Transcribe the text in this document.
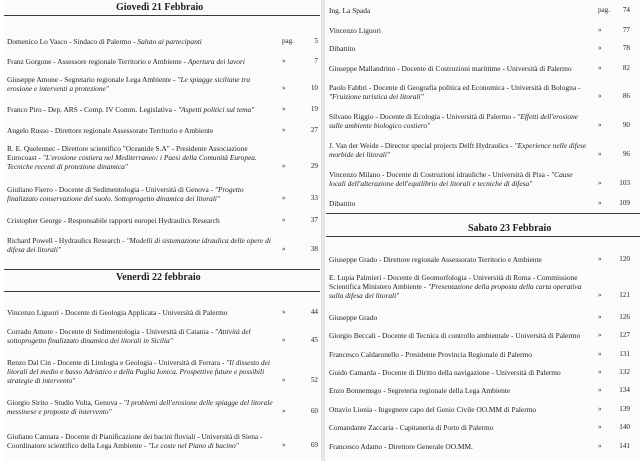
Giovedì 21 Febbraio
Venerdì 22 febbraio
Domenico Lo Vasco - Sindaco di Palermo - Saluto ai partecipanti	pag.	5
Franz Gorgone - Assessore regionale Territorio e Ambiente - Apertura dei lavori	»	7
Giuseppe Amone - Segretario regionale Lega Ambiente - "Le spiagge siciliane tra erosione e interventi a protezione"	»	10
Franco Piro - Dep. ARS - Comp. IV Comm. Legislativa - "Aspetti politici sul tema"	»	19
Angelo Russo - Direttore regionale Assessorato Territorio e Ambiente	»	27
R. E. Quelennec - Direttore scientifico "Oceanide S.A" - Presidente Associazione Eurocoast - "L'erosione costiera nel Mediterraneo: i Paesi della Comunità Europea. Tecniche recenti di protezione dinamica"	»	29
Giuliano Fierro - Docente di Sedimentologia - Università di Genova - "Progetto finalizzato conservazione del suolo. Sottoprogetto dinamica dei litorali"	»	33
Cristopher George - Responsabile rapporti europei Hydraulics Research	»	37
Richard Powell - Hydraulics Research - "Modelli di sistemazione idraulica delle opere di difesa dei litorali"	»	38
Vincenzo Liguori - Docente di Geologia Applicata - Università di Palermo	»	44
Corrado Amore - Docente di Sedimentologia - Università di Catania - "Attività del sottoprogetto finalizzato dinamica dei litorali in Sicilia"	»	45
Renzo Dal Cin - Docente di Litologia e Geologia - Università di Ferrara - "Il dissesto dei litorali del medio e basso Adriatico e della Puglia Ionica. Prospettive future e possibili strategie di intervento"	»	52
Giorgio Sirito - Studio Volta, Genova - "I problemi dell'erosione delle spiagge del litorale messinese e proposte di intervento"	»	60
Giuliano Cannata - Docente di Pianificazione dei bacini fluviali - Università di Siena - Coordinatore scientifico della Lega Ambiente - "Le coste nel Piano di bacino"	»	69
Sabato 23 Febbraio
Ing. La Spada	pag.	74
Vincenzo Liguori	»	77
Dibattito	»	78
Giuseppe Mallandrino - Docente di Costruzioni marittime - Università di Palermo	»	82
Paolo Fabbri - Docente di Geografia politica ed Economica - Università di Bologna - "Fruizione turistica dei litorali"	»	86
Silvano Riggio - Docente di Ecologia - Università di Palermo - "Effetti dell'erosione sulle ambiente biologico costiero"	»	90
J. Van der Weide - Director special projects Delft Hydraulics - "Experience nelle difese morbide dei litorali"	»	96
Vincenzo Milano - Docente di Costruzioni idrauliche - Università di Pisa - "Cause locali dell'alterazione dell'equilibrio dei litorali e tecniche di difesa"	»	103
Dibattito	»	109
Giuseppe Grado - Direttore regionale Assessorato Territorio e Ambiente	»	120
E. Lupia Palmieri - Docente di Geomorfologia - Università di Roma - Commissione Scientifica Ministero Ambiente - "Presentazione della proposta della carta operativa sulla difesa dei litorali"	»	121
Giuseppe Grado	»	126
Giorgio Beccali - Docente di Tecnica di controllo ambientale - Università di Palermo	»	127
Francesco Caldaronello - Presidente Provincia Regionale di Palermo	»	131
Guido Camarda - Docente di Diritto della navigazione - Università di Palermo	»	132
Enzo Bonnemsgo - Segreteria regionale della Lega Ambiente	»	134
Ottavio Lionia - Ingegnere capo del Genio Civile OO.MM di Palermo	»	139
Comandante Zaccaria - Capitaneria di Porto di Palermo	»	140
Francesco Adamo - Direttore Generale OO.MM.	»	141
